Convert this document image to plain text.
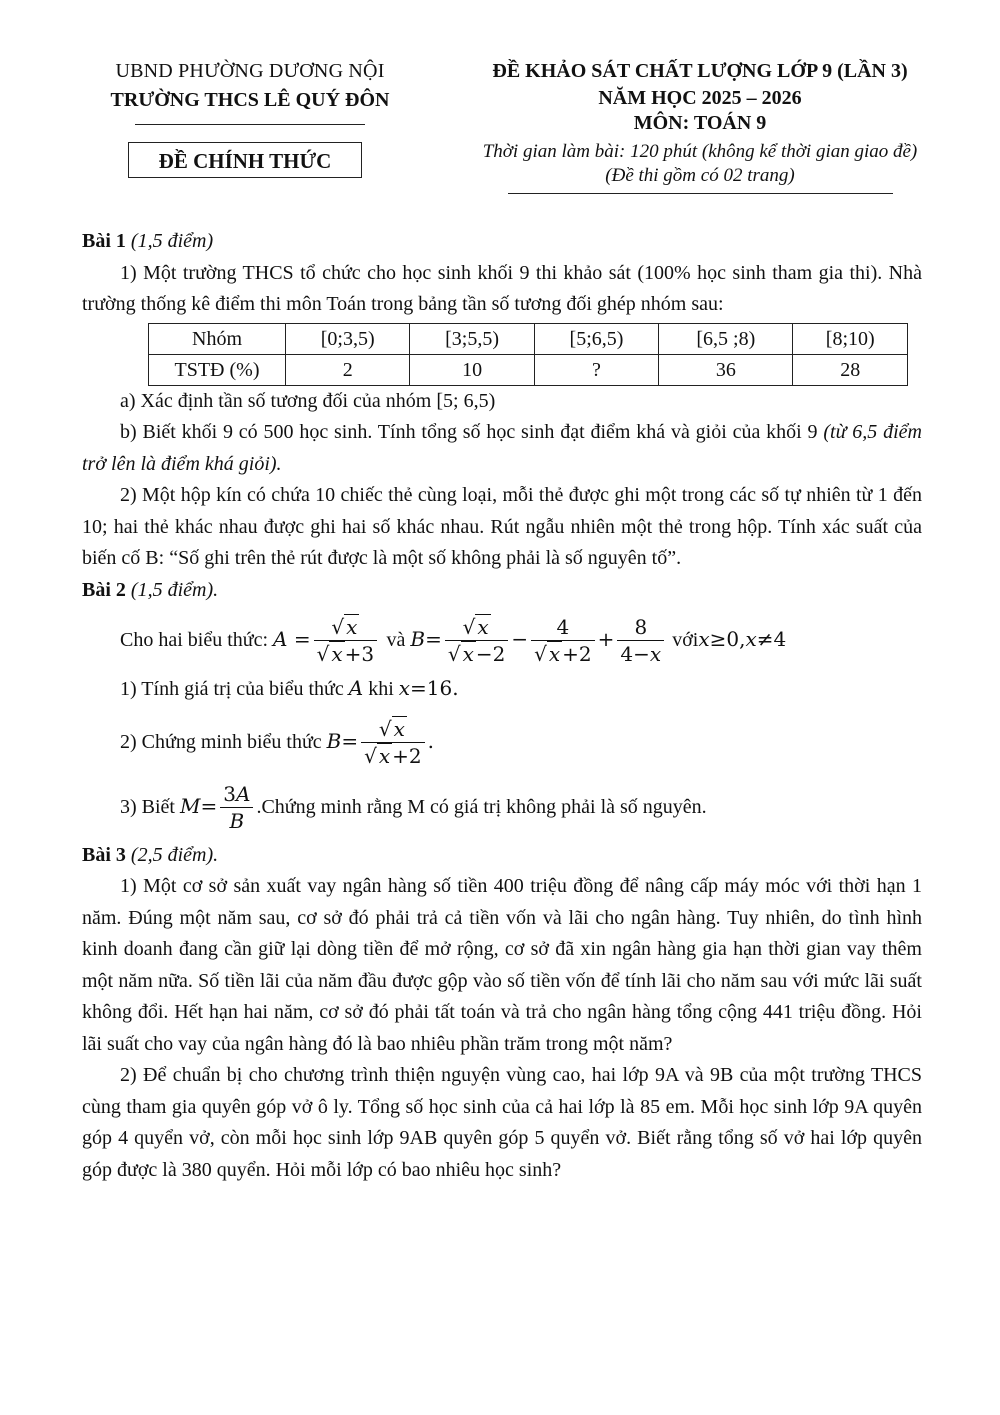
UBND PHƯỜNG DƯƠNG NỘI
TRƯỜNG THCS LÊ QUÝ ĐÔN
ĐỀ CHÍNH THỨC
ĐỀ KHẢO SÁT CHẤT LƯỢNG LỚP 9 (LẦN 3)
NĂM HỌC 2025 – 2026
MÔN: TOÁN 9
Thời gian làm bài: 120 phút (không kể thời gian giao đề)
(Đề thi gồm có 02 trang)

Bài 1 (1,5 điểm)

1) Một trường THCS tổ chức cho học sinh khối 9 thi khảo sát (100% học sinh tham gia thi). Nhà trường thống kê điểm thi môn Toán trong bảng tần số tương đối ghép nhóm sau:

Nhóm	[0;3,5)	[3;5,5)	[5;6,5)	[6,5 ;8)	[8;10)
TSTĐ (%)	2	10	?	36	28

a) Xác định tần số tương đối của nhóm [5; 6,5)

b) Biết khối 9 có 500 học sinh. Tính tổng số học sinh đạt điểm khá và giỏi của khối 9 (từ 6,5 điểm trở lên là điểm khá giỏi).

2) Một hộp kín có chứa 10 chiếc thẻ cùng loại, mỗi thẻ được ghi một trong các số tự nhiên từ 1 đến 10; hai thẻ khác nhau được ghi hai số khác nhau. Rút ngẫu nhiên một thẻ trong hộp. Tính xác suất của biến cố B: “Số ghi trên thẻ rút được là một số không phải là số nguyên tố”.

Bài 2 (1,5 điểm).

Cho hai biểu thức: $A = \frac{√ x}{√ x +3}$ và $B= \frac{√ x}{√ x -2} - \frac{4}{√ x +2} + \frac{8}{4-x}$ vớix≥0,x≠4

1) Tính giá trị của biểu thức A khi x=16.

2) Chứng minh biểu thức $B= \frac{√ x}{√ x +2}$ .
3) Biết $M= \frac{3A}{B}$ .Chứng minh rằng M có giá trị không phải là số nguyên.

Bài 3 (2,5 điểm).

1) Một cơ sở sản xuất vay ngân hàng số tiền 400 triệu đồng để nâng cấp máy móc với thời hạn 1 năm. Đúng một năm sau, cơ sở đó phải trả cả tiền vốn và lãi cho ngân hàng. Tuy nhiên, do tình hình kinh doanh đang cần giữ lại dòng tiền để mở rộng, cơ sở đã xin ngân hàng gia hạn thời gian vay thêm một năm nữa. Số tiền lãi của năm đầu được gộp vào số tiền vốn để tính lãi cho năm sau với mức lãi suất không đổi. Hết hạn hai năm, cơ sở đó phải tất toán và trả cho ngân hàng tổng cộng 441 triệu đồng. Hỏi lãi suất cho vay của ngân hàng đó là bao nhiêu phần trăm trong một năm?

2) Để chuẩn bị cho chương trình thiện nguyện vùng cao, hai lớp 9A và 9B của một trường THCS cùng tham gia quyên góp vở ô ly. Tổng số học sinh của cả hai lớp là 85 em. Mỗi học sinh lớp 9A quyên góp 4 quyển vở, còn mỗi học sinh lớp 9AB quyên góp 5 quyển vở. Biết rằng tổng số vở hai lớp quyên góp được là 380 quyển. Hỏi mỗi lớp có bao nhiêu học sinh?
